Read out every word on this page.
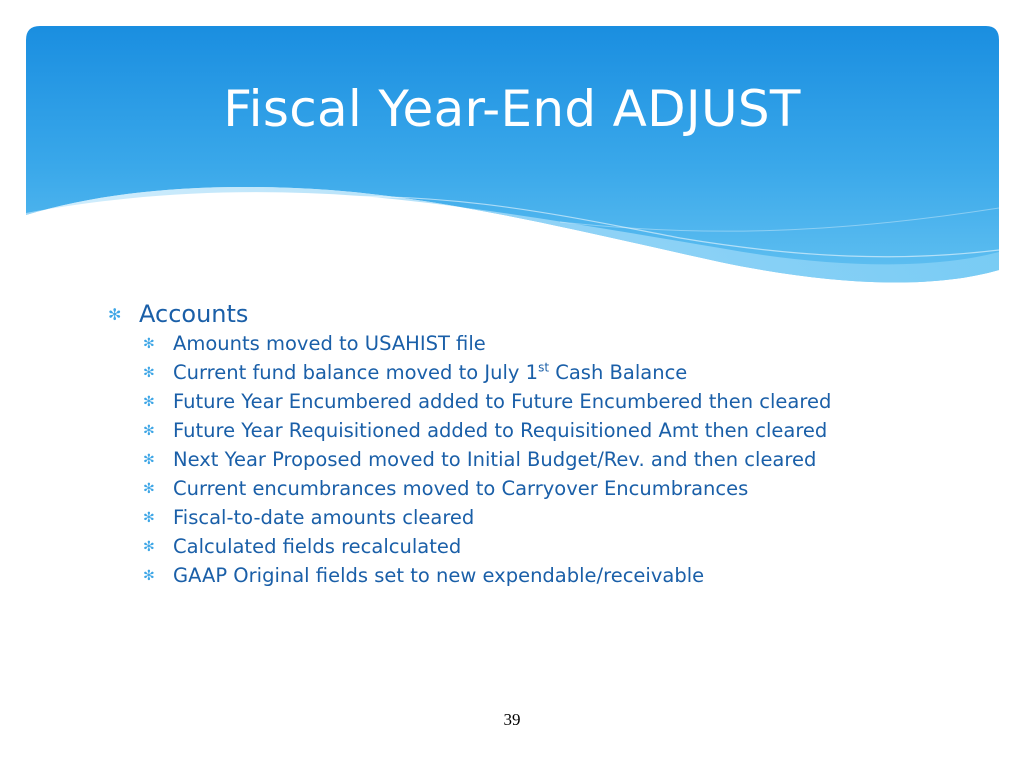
Fiscal Year-End ADJUST
✻ Accounts
✻ Amounts moved to USAHIST file
✻ Current fund balance moved to July 1st Cash Balance
✻ Future Year Encumbered added to Future Encumbered then cleared
✻ Future Year Requisitioned added to Requisitioned Amt then cleared
✻ Next Year Proposed moved to Initial Budget/Rev. and then cleared
✻ Current encumbrances moved to Carryover Encumbrances
✻ Fiscal-to-date amounts cleared
✻ Calculated fields recalculated
✻ GAAP Original fields set to new expendable/receivable
39
